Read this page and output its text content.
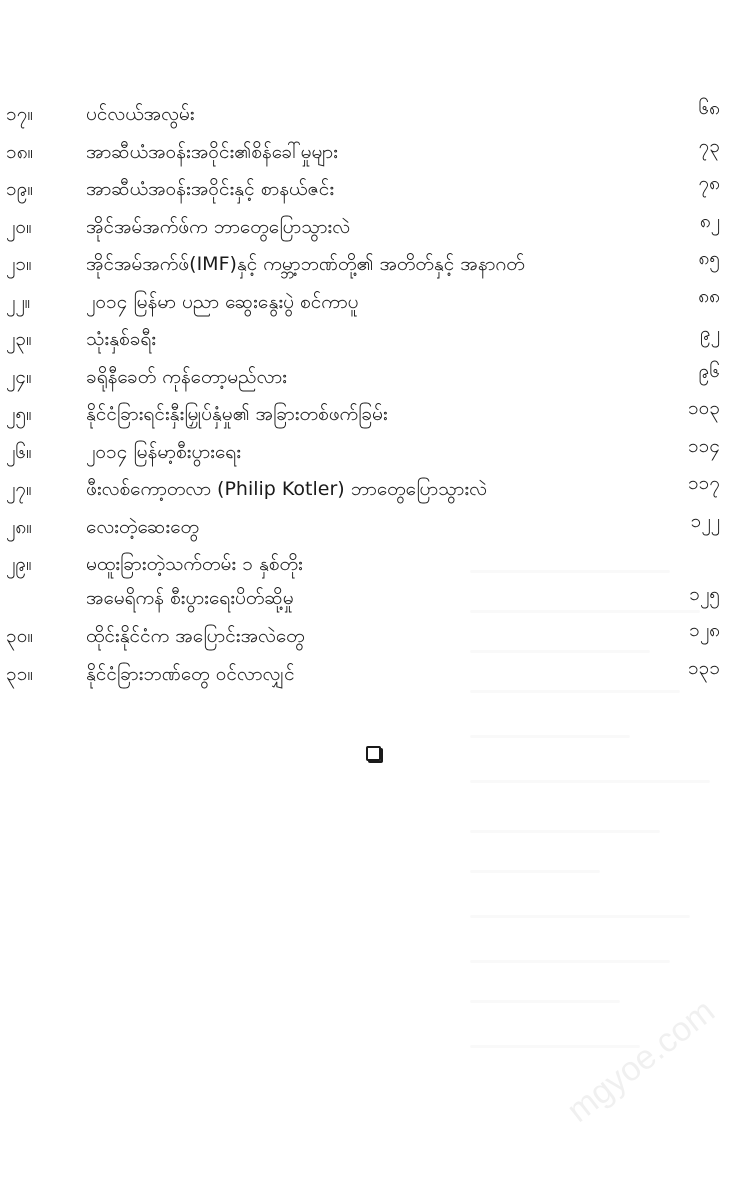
၁၇။	ပင်လယ်အလွမ်း	၆၈
၁၈။	အာဆီယံအဝန်းအဝိုင်း၏စိန်ခေါ်မှုများ	၇၃
၁၉။	အာဆီယံအဝန်းအဝိုင်းနှင့် စာနယ်ဇင်း	၇၈
၂၀။	အိုင်အမ်အက်ဖ်က ဘာတွေပြောသွားလဲ	၈၂
၂၁။	အိုင်အမ်အက်ဖ်(IMF)နှင့် ကမ္ဘာ့ဘဏ်တို့၏ အတိတ်နှင့် အနာဂတ်	၈၅
၂၂။	၂၀၁၄ မြန်မာ ပညာ ဆွေးနွေးပွဲ စင်ကာပူ	၈၈
၂၃။	သုံးနှစ်ခရီး	၉၂
၂၄။	ခရိုနီခေတ် ကုန်တော့မည်လား	၉၆
၂၅။	နိုင်ငံခြားရင်းနှီးမြှုပ်နှံမှု၏ အခြားတစ်ဖက်ခြမ်း	၁၀၃
၂၆။	၂၀၁၄ မြန်မာ့စီးပွားရေး	၁၁၄
၂၇။	ဖီးလစ်ကော့တလာ (Philip Kotler) ဘာတွေပြောသွားလဲ	၁၁၇
၂၈။	လေးတဲ့ဆေးတွေ	၁၂၂
၂၉။	မထူးခြားတဲ့သက်တမ်း ၁ နှစ်တိုး
အမေရိကန် စီးပွားရေးပိတ်ဆို့မှု	၁၂၅
၃၀။	ထိုင်းနိုင်ငံက အပြောင်းအလဲတွေ	၁၂၈
၃၁။	နိုင်ငံခြားဘဏ်တွေ ဝင်လာလျှင်	၁၃၁
mgyoe.com
